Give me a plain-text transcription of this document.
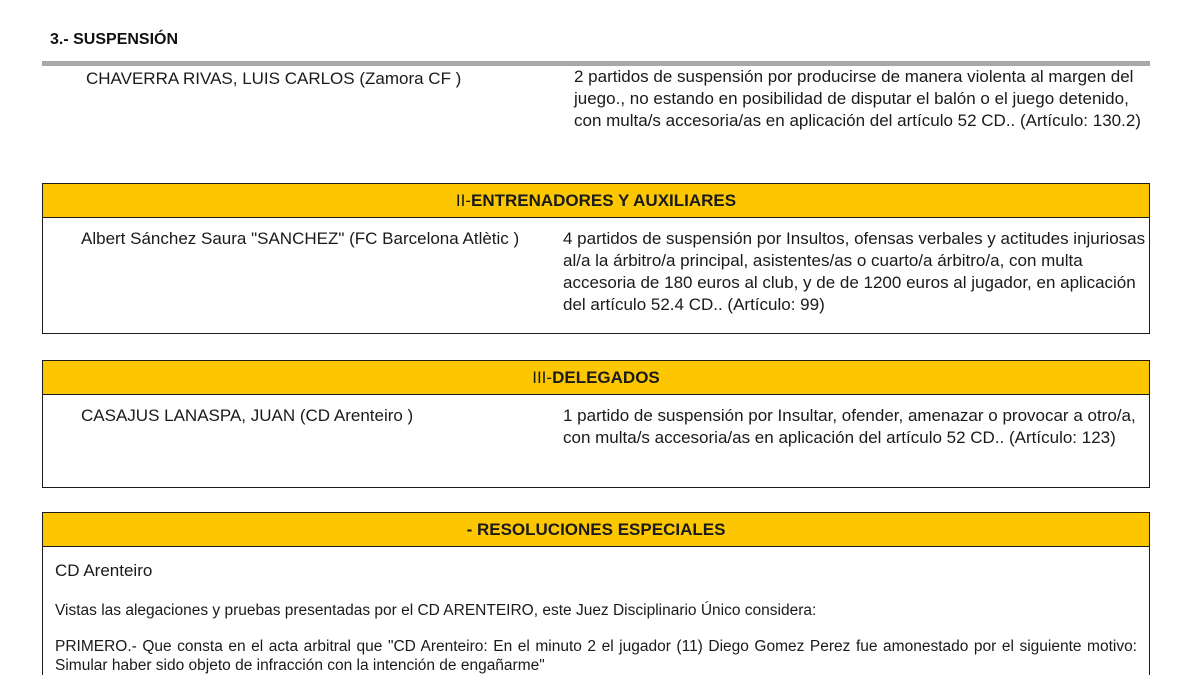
3.- SUSPENSIÓN
CHAVERRA RIVAS, LUIS CARLOS (Zamora CF )	2 partidos de suspensión por producirse de manera violenta al margen del juego., no estando en posibilidad de disputar el balón o el juego detenido, con multa/s accesoria/as en aplicación del artículo 52 CD.. (Artículo: 130.2)
II-ENTRENADORES Y AUXILIARES
Albert Sánchez Saura "SANCHEZ" (FC Barcelona Atlètic )	4 partidos de suspensión por Insultos, ofensas verbales y actitudes injuriosas al/a la árbitro/a principal, asistentes/as o cuarto/a árbitro/a, con multa accesoria de 180 euros al club, y de de 1200 euros al jugador, en aplicación del artículo 52.4 CD.. (Artículo: 99)
III-DELEGADOS
CASAJUS LANASPA, JUAN (CD Arenteiro )	1 partido de suspensión por Insultar, ofender, amenazar o provocar a otro/a, con multa/s accesoria/as en aplicación del artículo 52 CD.. (Artículo: 123)
- RESOLUCIONES ESPECIALES
CD Arenteiro
Vistas las alegaciones y pruebas presentadas por el CD ARENTEIRO, este Juez Disciplinario Único considera:
PRIMERO.- Que consta en el acta arbitral que "CD Arenteiro: En el minuto 2 el jugador (11) Diego Gomez Perez fue amonestado por el siguiente motivo: Simular haber sido objeto de infracción con la intención de engañarme"
